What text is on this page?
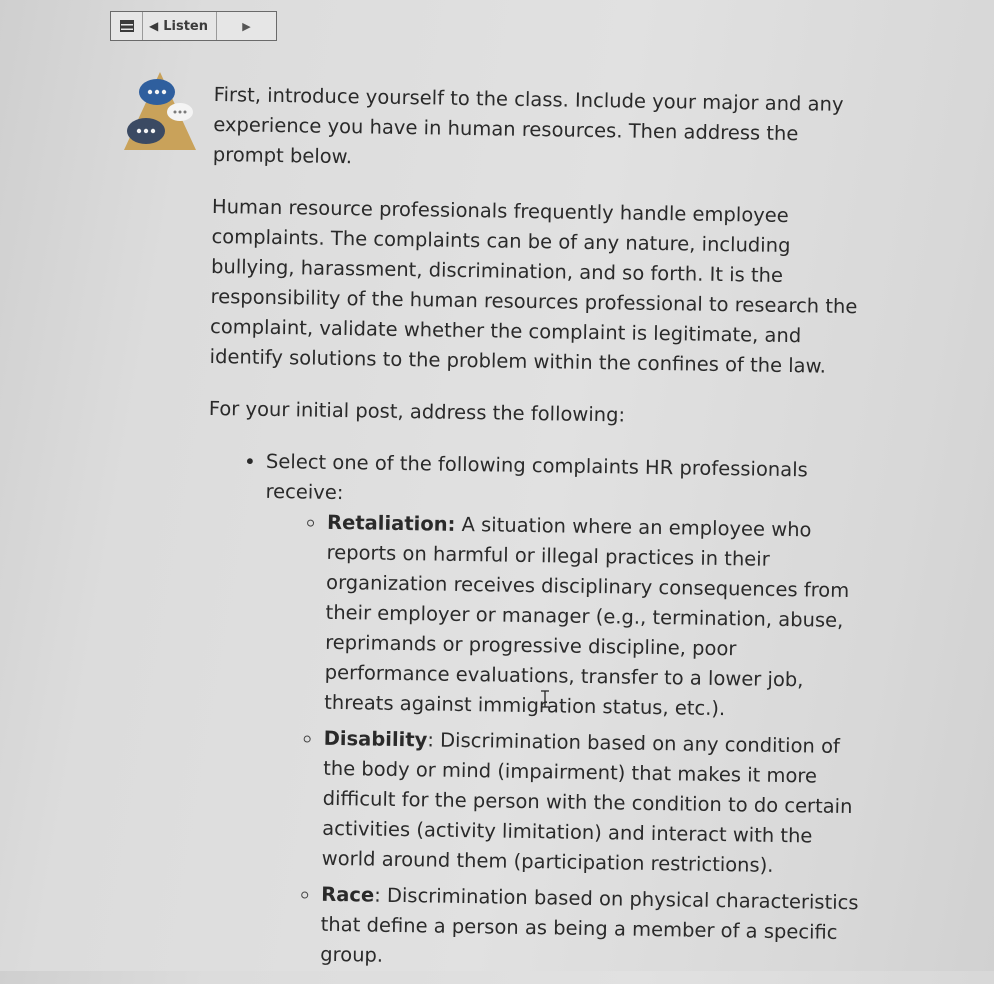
◀ Listen	▶

First, introduce yourself to the class. Include your major and any experience you have in human resources. Then address the prompt below.

Human resource professionals frequently handle employee complaints. The complaints can be of any nature, including bullying, harassment, discrimination, and so forth. It is the responsibility of the human resources professional to research the complaint, validate whether the complaint is legitimate, and identify solutions to the problem within the confines of the law.

For your initial post, address the following:

• Select one of the following complaints HR professionals receive:
Retaliation: A situation where an employee who reports on harmful or illegal practices in their organization receives disciplinary consequences from their employer or manager (e.g., termination, abuse, reprimands or progressive discipline, poor performance evaluations, transfer to a lower job, threats against immigration status, etc.).
Disability: Discrimination based on any condition of the body or mind (impairment) that makes it more difficult for the person with the condition to do certain activities (activity limitation) and interact with the world around them (participation restrictions).
Race: Discrimination based on physical characteristics that define a person as being a member of a specific group.
